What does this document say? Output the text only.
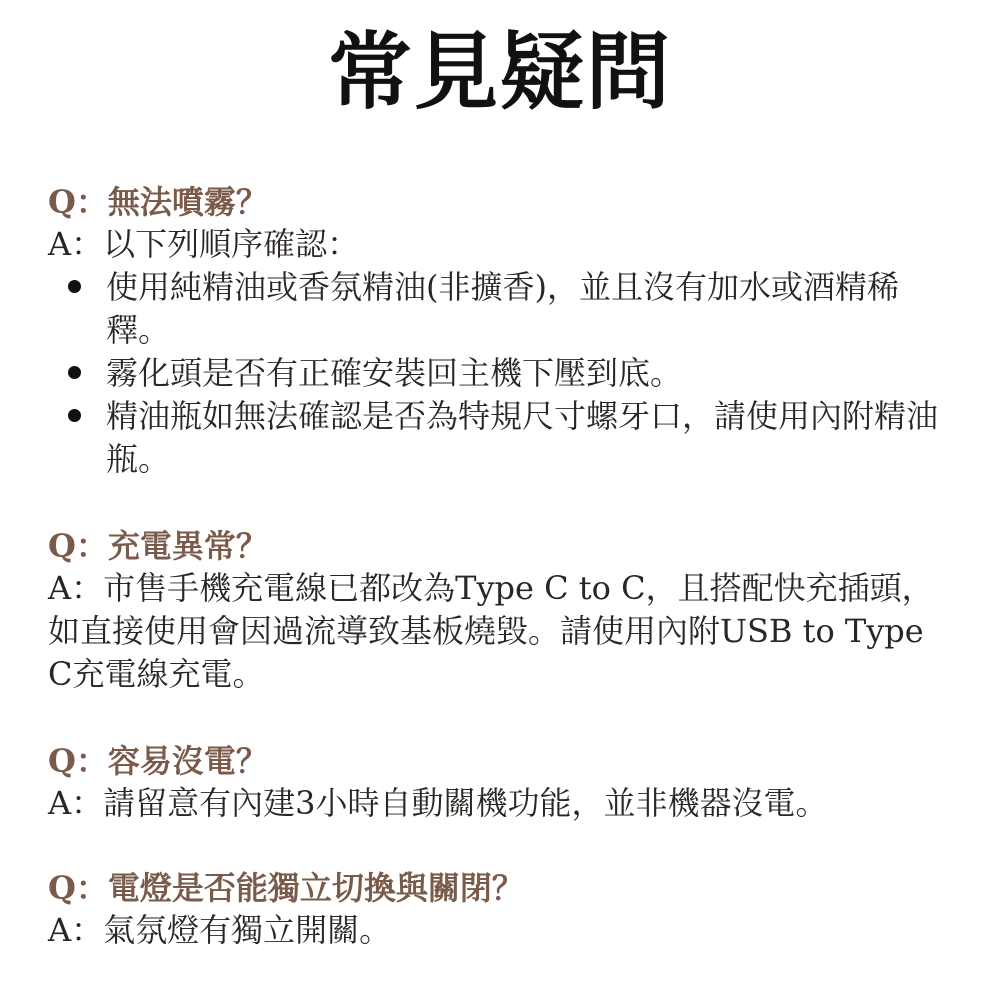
常見疑問
Q：無法噴霧？
A：以下列順序確認：
使用純精油或香氛精油(非擴香)，並且沒有加水或酒精稀釋。
霧化頭是否有正確安裝回主機下壓到底。
精油瓶如無法確認是否為特規尺寸螺牙口，請使用內附精油瓶。
Q：充電異常？
A：市售手機充電線已都改為Type C to C，且搭配快充插頭，如直接使用會因過流導致基板燒毀。請使用內附USB to Type C充電線充電。
Q：容易沒電？
A：請留意有內建3小時自動關機功能，並非機器沒電。
Q：電燈是否能獨立切換與關閉？
A：氣氛燈有獨立開關。
